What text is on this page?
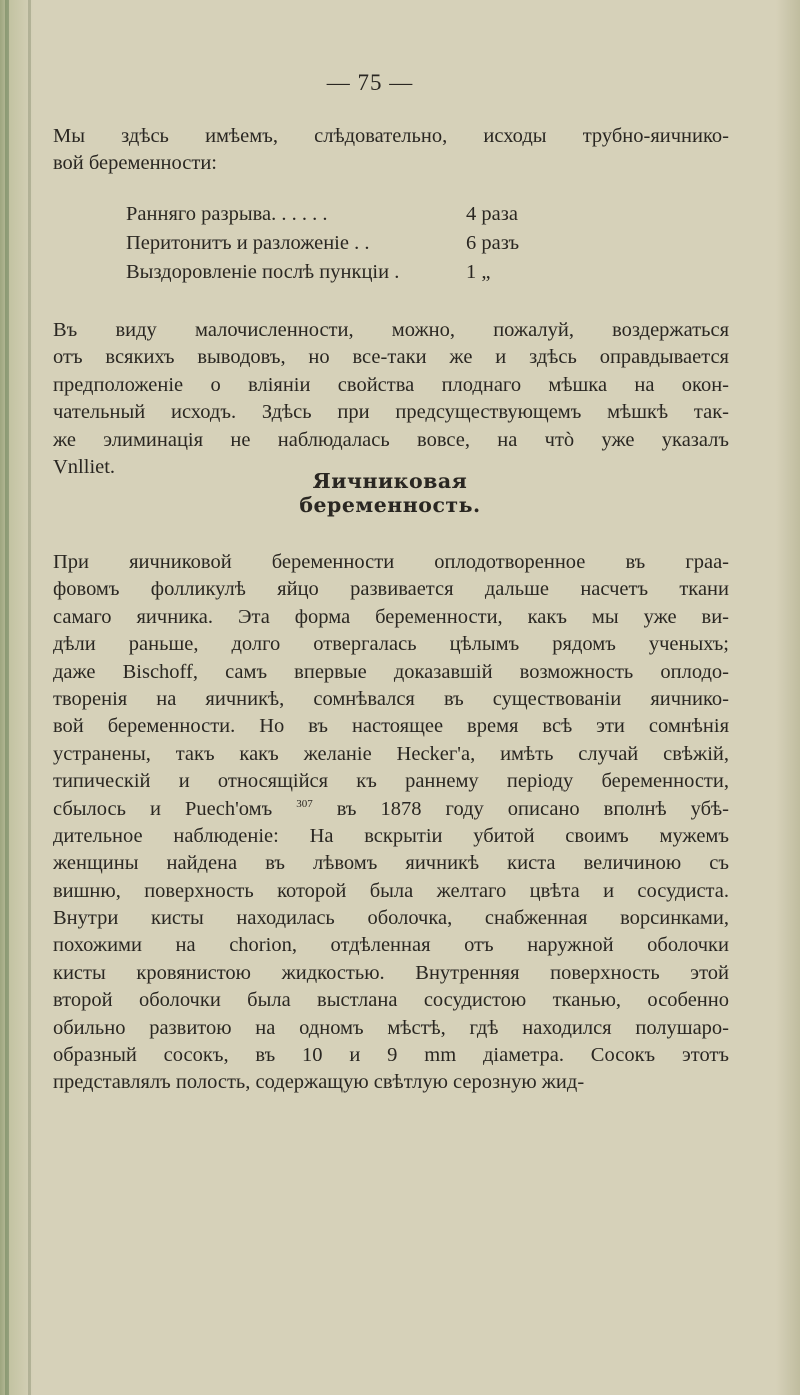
— 75 —
Мы здѣсь имѣемъ, слѣдовательно, исходы трубно-яичнико-
вой беременности:
Ранняго разрыва. . . . . .	4 раза
Перитонитъ и разложеніе . .	6 разъ
Выздоровленіе послѣ пункціи .	1 „
Въ виду малочисленности, можно, пожалуй, воздержаться
отъ всякихъ выводовъ, но все-таки же и здѣсь оправдывается
предположеніе о вліяніи свойства плоднаго мѣшка на окон-
чательный исходъ. Здѣсь при предсуществующемъ мѣшкѣ так-
же элиминація не наблюдалась вовсе, на чтò уже указалъ
Vnlliet.
Яичниковая беременность.
При яичниковой беременности оплодотворенное въ граа-
фовомъ фолликулѣ яйцо развивается дальше насчетъ ткани
самаго яичника. Эта форма беременности, какъ мы уже ви-
дѣли раньше, долго отвергалась цѣлымъ рядомъ ученыхъ;
даже Bischoff, самъ впервые доказавшій возможность оплодо-
творенія на яичникѣ, сомнѣвался въ существованіи яичнико-
вой беременности. Но въ настоящее время всѣ эти сомнѣнія
устранены, такъ какъ желаніе Heckег'а, имѣть случай свѣжій,
типическій и относящійся къ раннему періоду беременности,
сбылось и Puech'омъ $^{307}$ въ 1878 году описано вполнѣ убѣ-
дительное наблюденіе: На вскрытіи убитой своимъ мужемъ
женщины найдена въ лѣвомъ яичникѣ киста величиною съ
вишню, поверхность которой была желтаго цвѣта и сосудиста.
Внутри кисты находилась оболочка, снабженная ворсинками,
похожими на chorion, отдѣленная отъ наружной оболочки
кисты кровянистою жидкостью. Внутренняя поверхность этой
второй оболочки была выстлана сосудистою тканью, особенно
обильно развитою на одномъ мѣстѣ, гдѣ находился полушаро-
образный сосокъ, въ 10 и 9 mm діаметра. Сосокъ этотъ
представлялъ полость, содержащую свѣтлую серозную жид-
